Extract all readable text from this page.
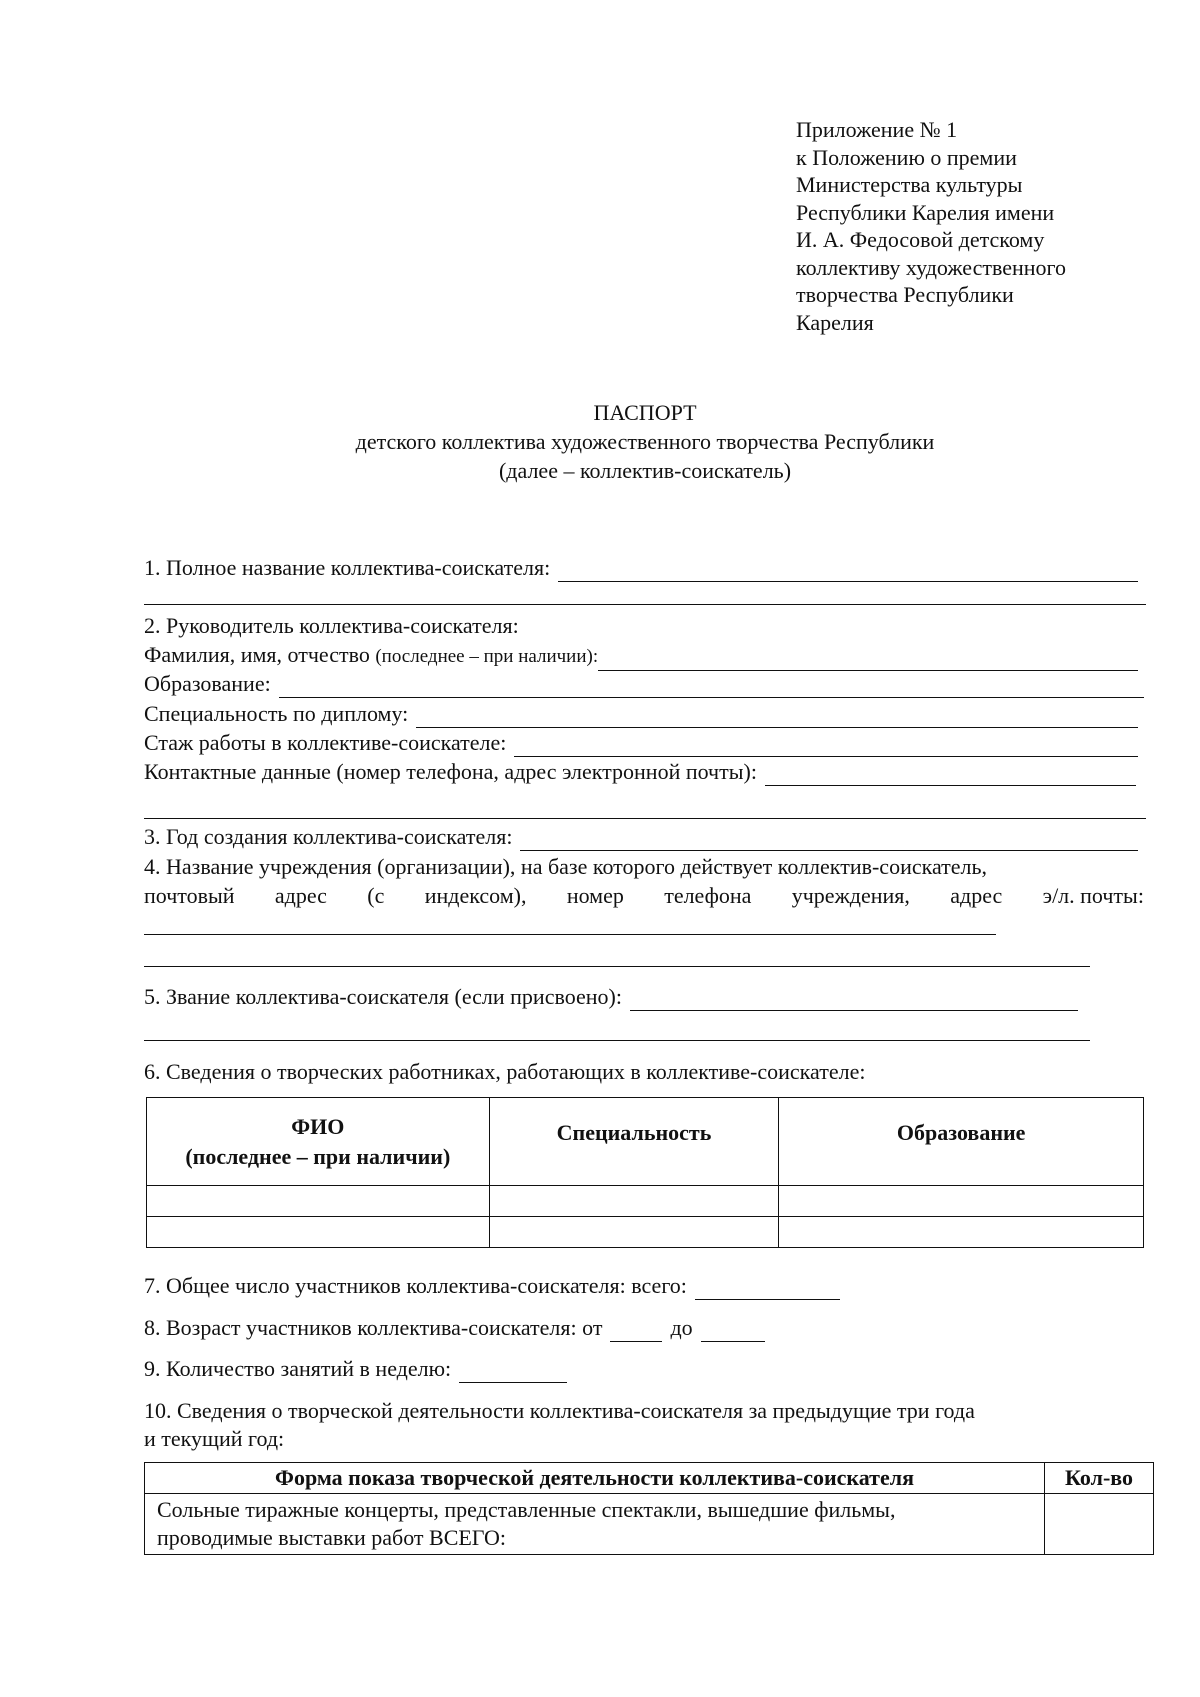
Приложение № 1
к Положению о премии
Министерства культуры
Республики Карелия имени
И. А. Федосовой детскому
коллективу художественного
творчества Республики
Карелия
ПАСПОРТ
детского коллектива художественного творчества Республики
(далее – коллектив-соискатель)
1. Полное название коллектива-соискателя:
2. Руководитель коллектива-соискателя:
Фамилия, имя, отчество (последнее – при наличии):
Образование:
Специальность по диплому:
Стаж работы в коллективе-соискателе:
Контактные данные (номер телефона, адрес электронной почты):
3. Год создания коллектива-соискателя:
4. Название учреждения (организации), на базе которого действует коллектив-соискатель,
почтовый адрес (с индексом), номер телефона учреждения, адрес э/л. почты:
5. Звание коллектива-соискателя (если присвоено):
6. Сведения о творческих работниках, работающих в коллективе-соискателе:
ФИО
(последнее – при наличии)	Специальность	Образование

7. Общее число участников коллектива-соискателя: всего:
8. Возраст участников коллектива-соискателя: от	до
9. Количество занятий в неделю:
10. Сведения о творческой деятельности коллектива-соискателя за предыдущие три года
и текущий год:
Форма показа творческой деятельности коллектива-соискателя	Кол-во

Сольные тиражные концерты, представленные спектакли, вышедшие фильмы,
проводимые выставки работ ВСЕГО:	
